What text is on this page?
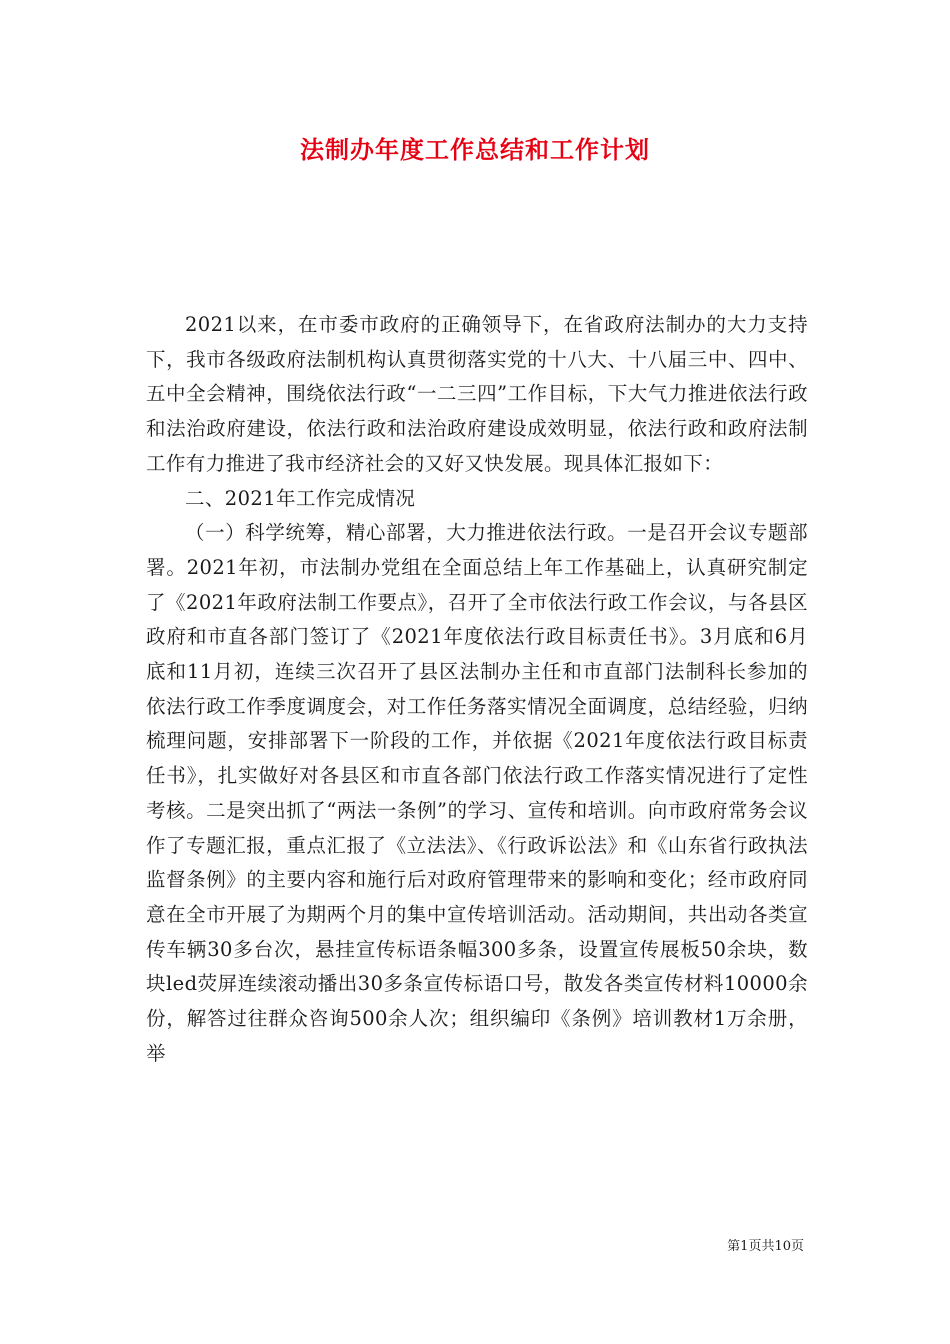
法制办年度工作总结和工作计划

2021以来，在市委市政府的正确领导下，在省政府法制办的大力支持下，我市各级政府法制机构认真贯彻落实党的十八大、十八届三中、四中、五中全会精神，围绕依法行政“一二三四”工作目标，下大气力推进依法行政和法治政府建设，依法行政和法治政府建设成效明显，依法行政和政府法制工作有力推进了我市经济社会的又好又快发展。现具体汇报如下：

二、2021年工作完成情况

（一）科学统筹，精心部署，大力推进依法行政。一是召开会议专题部署。2021年初，市法制办党组在全面总结上年工作基础上，认真研究制定了《2021年政府法制工作要点》，召开了全市依法行政工作会议，与各县区政府和市直各部门签订了《2021年度依法行政目标责任书》。3月底和6月底和11月初，连续三次召开了县区法制办主任和市直部门法制科长参加的依法行政工作季度调度会，对工作任务落实情况全面调度，总结经验，归纳梳理问题，安排部署下一阶段的工作，并依据《2021年度依法行政目标责任书》，扎实做好对各县区和市直各部门依法行政工作落实情况进行了定性考核。二是突出抓了“两法一条例”的学习、宣传和培训。向市政府常务会议作了专题汇报，重点汇报了《立法法》、《行政诉讼法》和《山东省行政执法监督条例》的主要内容和施行后对政府管理带来的影响和变化；经市政府同意在全市开展了为期两个月的集中宣传培训活动。活动期间，共出动各类宣传车辆30多台次，悬挂宣传标语条幅300多条，设置宣传展板50余块，数块led荧屏连续滚动播出30多条宣传标语口号，散发各类宣传材料10000余份，解答过往群众咨询500余人次；组织编印《条例》培训教材1万余册，举

第1页共10页
